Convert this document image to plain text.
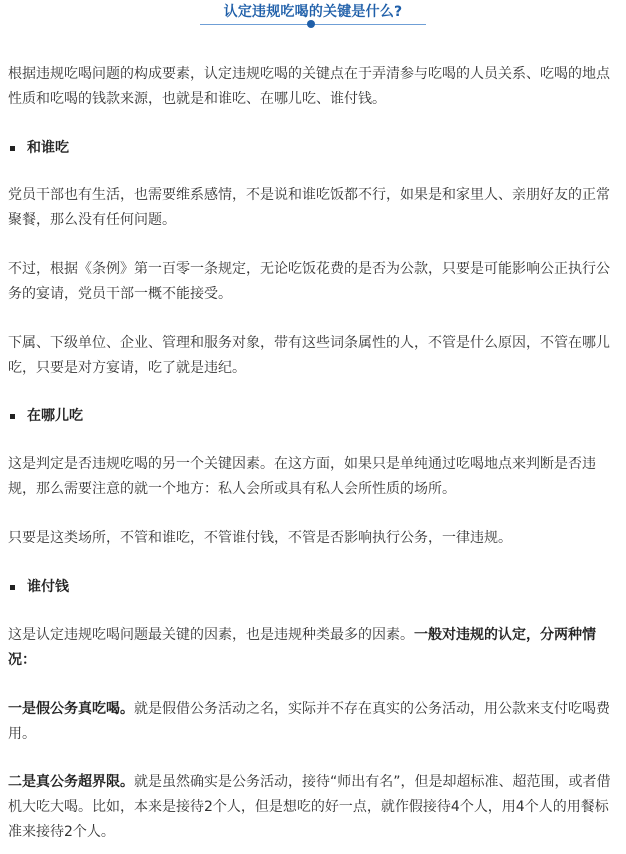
认定违规吃喝的关键是什么?

根据违规吃喝问题的构成要素，认定违规吃喝的关键点在于弄清参与吃喝的人员关系、吃喝的地点性质和吃喝的钱款来源，也就是和谁吃、在哪儿吃、谁付钱。

和谁吃

党员干部也有生活，也需要维系感情，不是说和谁吃饭都不行，如果是和家里人、亲朋好友的正常聚餐，那么没有任何问题。

不过，根据《条例》第一百零一条规定，无论吃饭花费的是否为公款，只要是可能影响公正执行公务的宴请，党员干部一概不能接受。

下属、下级单位、企业、管理和服务对象，带有这些词条属性的人，不管是什么原因，不管在哪儿吃，只要是对方宴请，吃了就是违纪。

在哪儿吃

这是判定是否违规吃喝的另一个关键因素。在这方面，如果只是单纯通过吃喝地点来判断是否违规，那么需要注意的就一个地方：私人会所或具有私人会所性质的场所。

只要是这类场所，不管和谁吃，不管谁付钱，不管是否影响执行公务，一律违规。

谁付钱

这是认定违规吃喝问题最关键的因素，也是违规种类最多的因素。一般对违规的认定，分两种情况：

一是假公务真吃喝。就是假借公务活动之名，实际并不存在真实的公务活动，用公款来支付吃喝费用。

二是真公务超界限。就是虽然确实是公务活动，接待“师出有名”，但是却超标准、超范围，或者借机大吃大喝。比如，本来是接待2个人，但是想吃的好一点，就作假接待4个人，用4个人的用餐标准来接待2个人。
